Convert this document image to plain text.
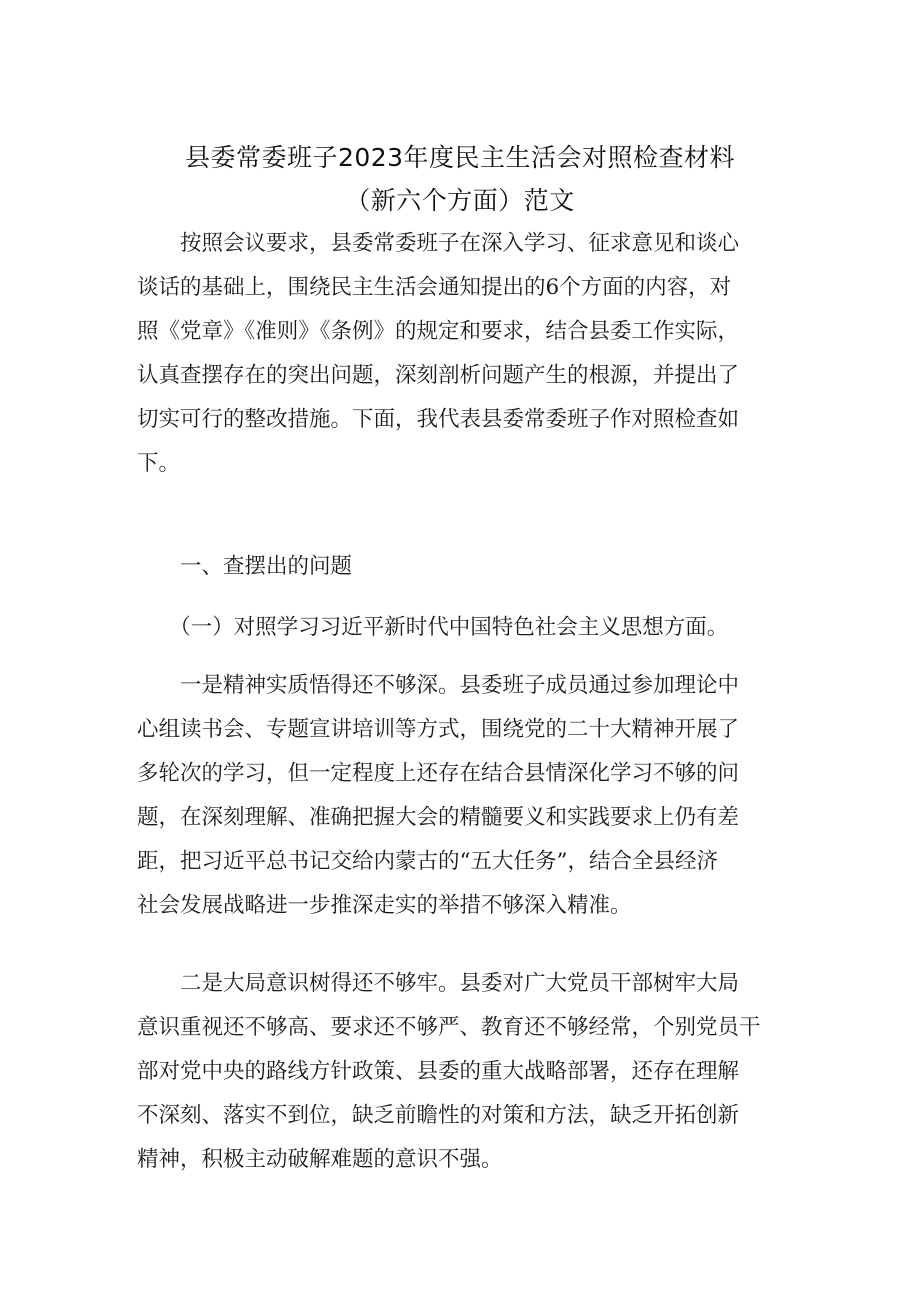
县委常委班子2023年度民主生活会对照检查材料
（新六个方面）范文
　　按照会议要求，县委常委班子在深入学习、征求意见和谈心
谈话的基础上，围绕民主生活会通知提出的6个方面的内容，对
照《党章》《准则》《条例》的规定和要求，结合县委工作实际，
认真查摆存在的突出问题，深刻剖析问题产生的根源，并提出了
切实可行的整改措施。下面，我代表县委常委班子作对照检查如
下。
　　一、查摆出的问题
　　（一）对照学习习近平新时代中国特色社会主义思想方面。
　　一是精神实质悟得还不够深。县委班子成员通过参加理论中
心组读书会、专题宣讲培训等方式，围绕党的二十大精神开展了
多轮次的学习，但一定程度上还存在结合县情深化学习不够的问
题，在深刻理解、准确把握大会的精髓要义和实践要求上仍有差
距，把习近平总书记交给内蒙古的“五大任务”，结合全县经济
社会发展战略进一步推深走实的举措不够深入精准。
　　二是大局意识树得还不够牢。县委对广大党员干部树牢大局
意识重视还不够高、要求还不够严、教育还不够经常，个别党员干
部对党中央的路线方针政策、县委的重大战略部署，还存在理解
不深刻、落实不到位，缺乏前瞻性的对策和方法，缺乏开拓创新
精神，积极主动破解难题的意识不强。
